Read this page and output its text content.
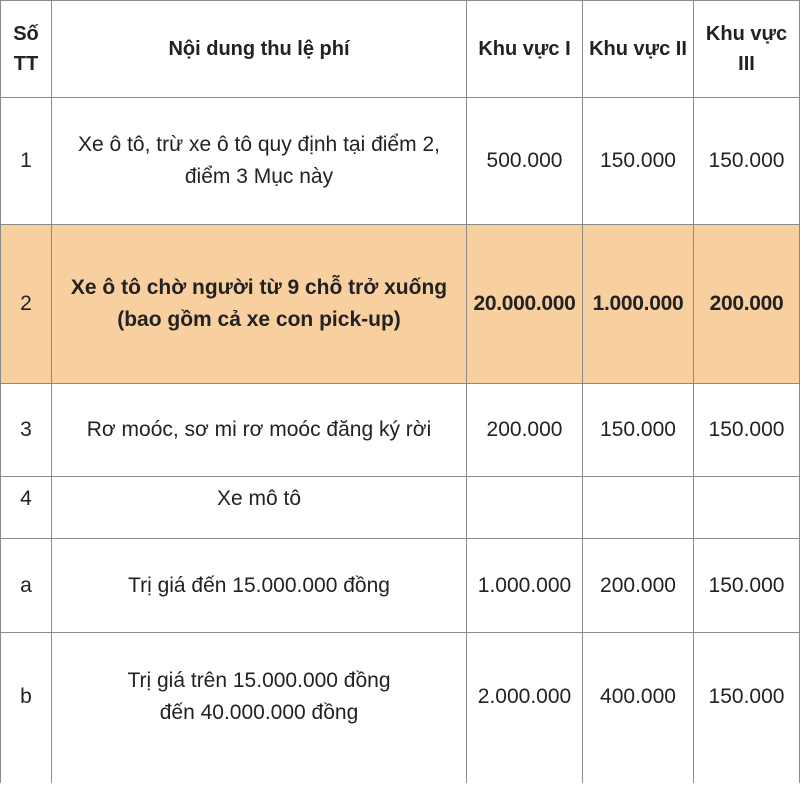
Số TT	Nội dung thu lệ phí	Khu vực I	Khu vực II	Khu vực III
1	Xe ô tô, trừ xe ô tô quy định tại điểm 2, điểm 3 Mục này	500.000	150.000	150.000
2	Xe ô tô chờ người từ 9 chỗ trở xuống (bao gồm cả xe con pick-up)	20.000.000	1.000.000	200.000
3	Rơ moóc, sơ mi rơ moóc đăng ký rời	200.000	150.000	150.000
4	Xe mô tô			
a	Trị giá đến 15.000.000 đồng	1.000.000	200.000	150.000
b	Trị giá trên 15.000.000 đồng đến 40.000.000 đồng	2.000.000	400.000	150.000
